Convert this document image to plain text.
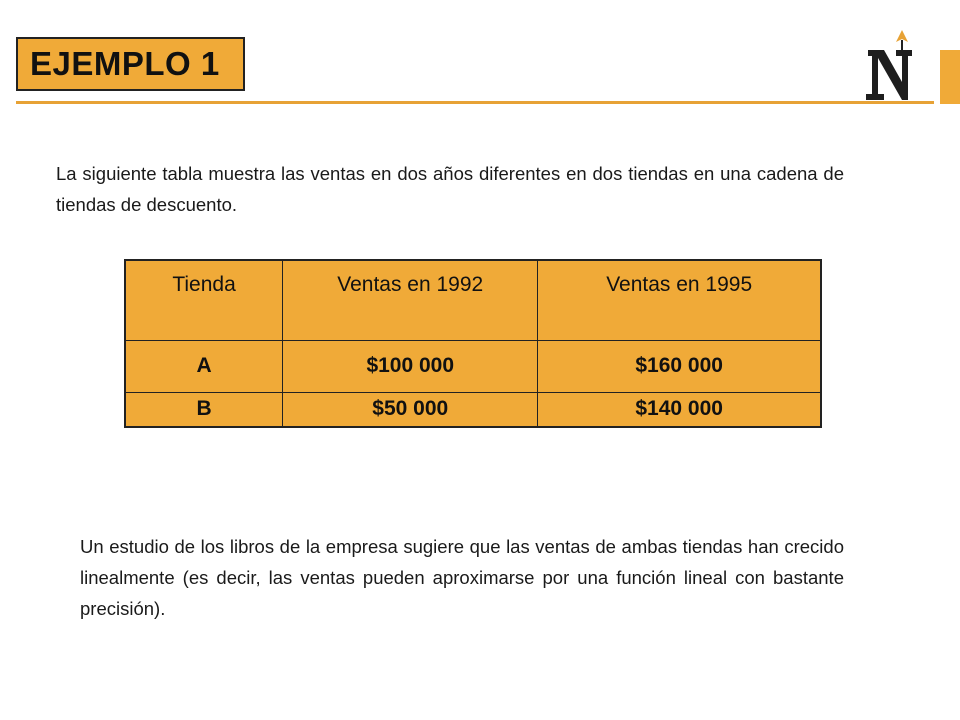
EJEMPLO 1

La siguiente tabla muestra las ventas en dos años diferentes en dos tiendas en una cadena de tiendas de descuento.

Tienda	Ventas en 1992	Ventas en 1995
A	$100 000	$160 000
B	$50 000	$140 000

Un estudio de los libros de la empresa sugiere que las ventas de ambas tiendas han crecido linealmente (es decir, las ventas pueden aproximarse por una función lineal con bastante precisión).
